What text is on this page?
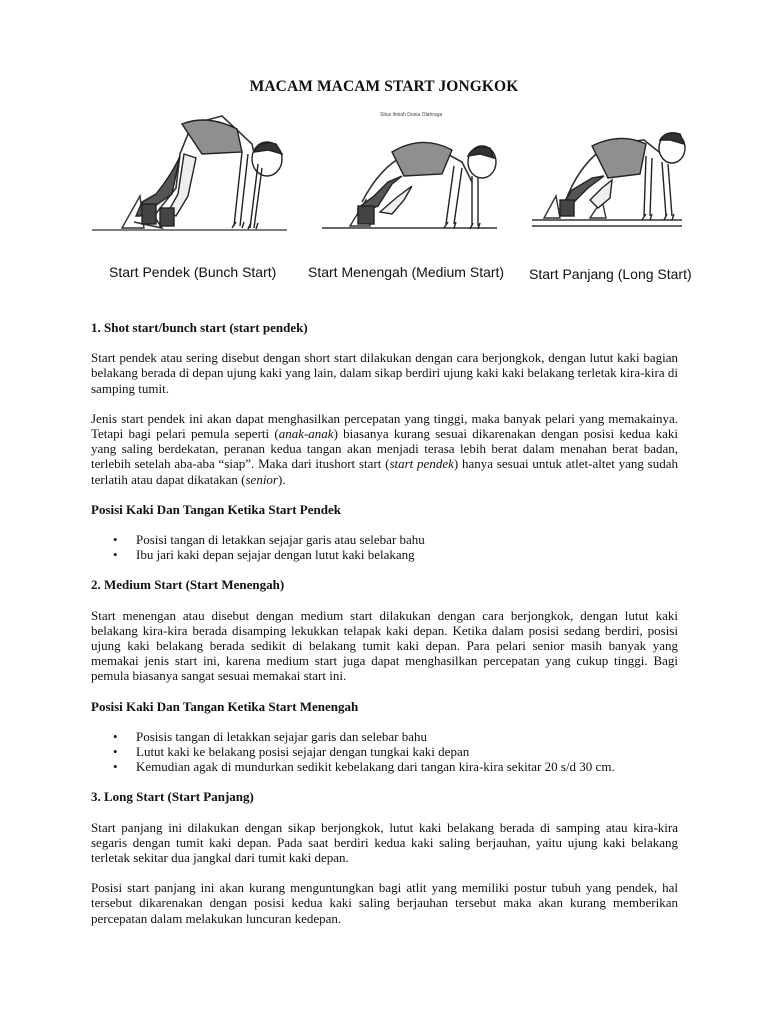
MACAM MACAM START JONGKOK
Situs Ilmiah Dunia Olahraga
Start Pendek (Bunch Start) Start Menengah (Medium Start) Start Panjang (Long Start)

1. Shot start/bunch start (start pendek)

Start pendek atau sering disebut dengan short start dilakukan dengan cara berjongkok, dengan lutut kaki bagian belakang berada di depan ujung kaki yang lain, dalam sikap berdiri ujung kaki kaki belakang terletak kira-kira di samping tumit.

Jenis start pendek ini akan dapat menghasilkan percepatan yang tinggi, maka banyak pelari yang memakainya. Tetapi bagi pelari pemula seperti (anak-anak) biasanya kurang sesuai dikarenakan dengan posisi kedua kaki yang saling berdekatan, peranan kedua tangan akan menjadi terasa lebih berat dalam menahan berat badan, terlebih setelah aba-aba “siap”. Maka dari itushort start (start pendek) hanya sesuai untuk atlet-altet yang sudah terlatih atau dapat dikatakan (senior).

Posisi Kaki Dan Tangan Ketika Start Pendek

• Posisi tangan di letakkan sejajar garis atau selebar bahu
• Ibu jari kaki depan sejajar dengan lutut kaki belakang

2. Medium Start (Start Menengah)

Start menengan atau disebut dengan medium start dilakukan dengan cara berjongkok, dengan lutut kaki belakang kira-kira berada disamping lekukkan telapak kaki depan. Ketika dalam posisi sedang berdiri, posisi ujung kaki belakang berada sedikit di belakang tumit kaki depan. Para pelari senior masih banyak yang memakai jenis start ini, karena medium start juga dapat menghasilkan percepatan yang cukup tinggi. Bagi pemula biasanya sangat sesuai memakai start ini.

Posisi Kaki Dan Tangan Ketika Start Menengah

• Posisis tangan di letakkan sejajar garis dan selebar bahu
• Lutut kaki ke belakang posisi sejajar dengan tungkai kaki depan
• Kemudian agak di mundurkan sedikit kebelakang dari tangan kira-kira sekitar 20 s/d 30 cm.

3. Long Start (Start Panjang)

Start panjang ini dilakukan dengan sikap berjongkok, lutut kaki belakang berada di samping atau kira-kira segaris dengan tumit kaki depan. Pada saat berdiri kedua kaki saling berjauhan, yaitu ujung kaki belakang terletak sekitar dua jangkal dari tumit kaki depan.

Posisi start panjang ini akan kurang menguntungkan bagi atlit yang memiliki postur tubuh yang pendek, hal tersebut dikarenakan dengan posisi kedua kaki saling berjauhan tersebut maka akan kurang memberikan percepatan dalam melakukan luncuran kedepan.
